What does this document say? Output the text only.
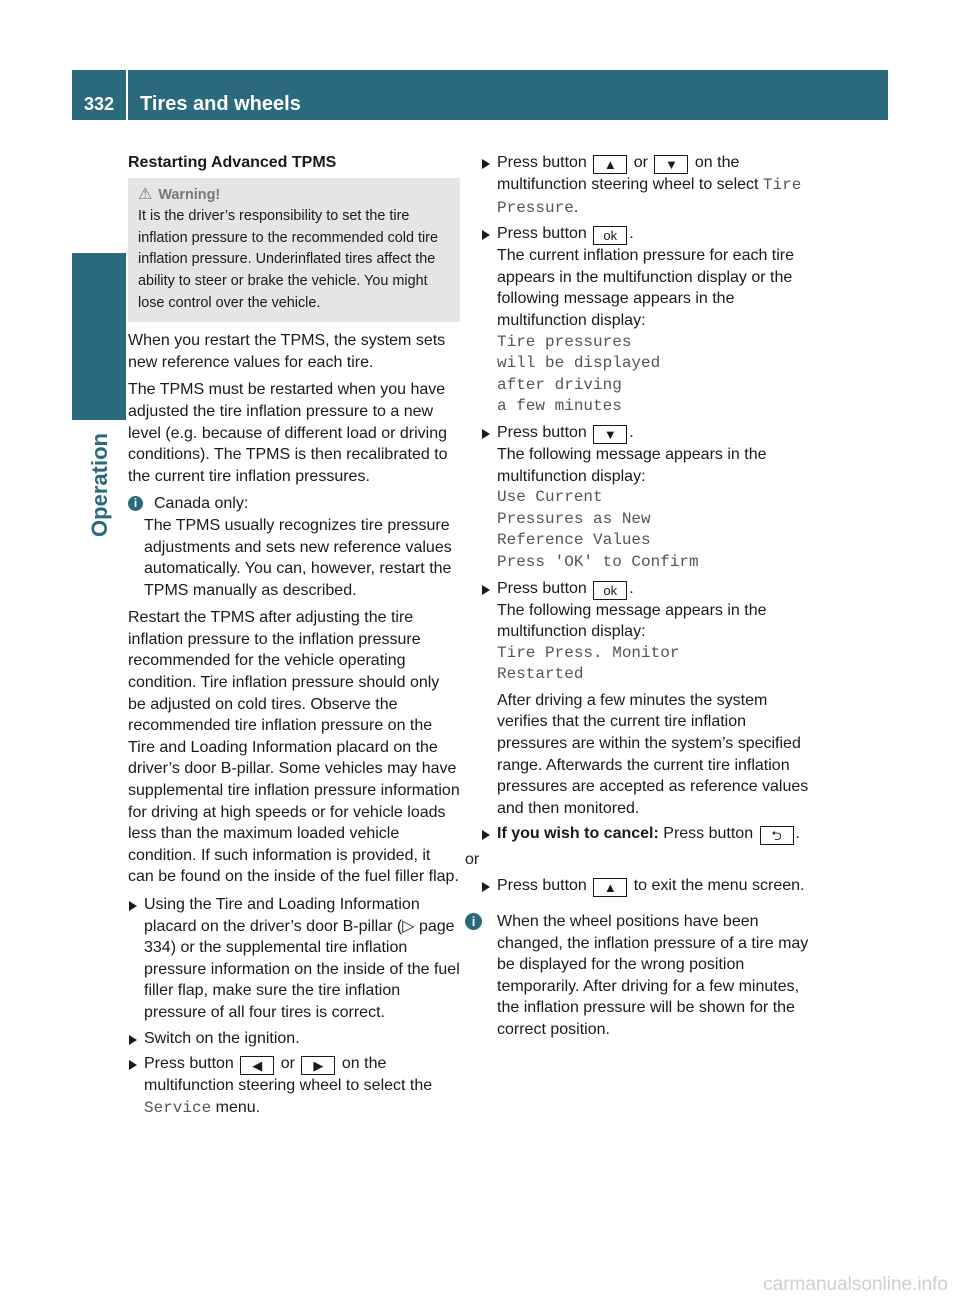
332	Tires and wheels
Operation
Restarting Advanced TPMS
⚠ Warning!
It is the driver’s responsibility to set the tire inflation pressure to the recommended cold tire inflation pressure. Underinflated tires affect the ability to steer or brake the vehicle. You might lose control over the vehicle.

When you restart the TPMS, the system sets new reference values for each tire.

The TPMS must be restarted when you have adjusted the tire inflation pressure to a new level (e.g. because of different load or driving conditions). The TPMS is then recalibrated to the current tire inflation pressures.

i	Canada only:
The TPMS usually recognizes tire pressure adjustments and sets new reference values automatically. You can, however, restart the TPMS manually as described.

Restart the TPMS after adjusting the tire inflation pressure to the inflation pressure recommended for the vehicle operating condition. Tire inflation pressure should only be adjusted on cold tires. Observe the recommended tire inflation pressure on the Tire and Loading Information placard on the driver’s door B-pillar. Some vehicles may have supplemental tire inflation pressure information for driving at high speeds or for vehicle loads less than the maximum loaded vehicle condition. If such information is provided, it can be found on the inside of the fuel filler flap.

Using the Tire and Loading Information placard on the driver’s door B-pillar (▷ page 334) or the supplemental tire inflation pressure information on the inside of the fuel filler flap, make sure the tire inflation pressure of all four tires is correct.
Switch on the ignition.
Press button ◀ or ▶ on the multifunction steering wheel to select the Service menu.
Press button ▲ or ▼ on the multifunction steering wheel to select Tire Pressure.
Press button ok .
The current inflation pressure for each tire appears in the multifunction display or the following message appears in the multifunction display:
Tire pressures
will be displayed
after driving
a few minutes
Press button ▼ .
The following message appears in the multifunction display:
Use Current
Pressures as New
Reference Values
Press 'OK' to Confirm
Press button ok .
The following message appears in the multifunction display:
Tire Press. Monitor
Restarted
After driving a few minutes the system verifies that the current tire inflation pressures are within the system’s specified range. Afterwards the current tire inflation pressures are accepted as reference values and then monitored.
If you wish to cancel: Press button ⮌ .
or
Press button ▲ to exit the menu screen.
i	When the wheel positions have been changed, the inflation pressure of a tire may be displayed for the wrong position temporarily. After driving for a few minutes, the inflation pressure will be shown for the correct position.
carmanualsonline.info
